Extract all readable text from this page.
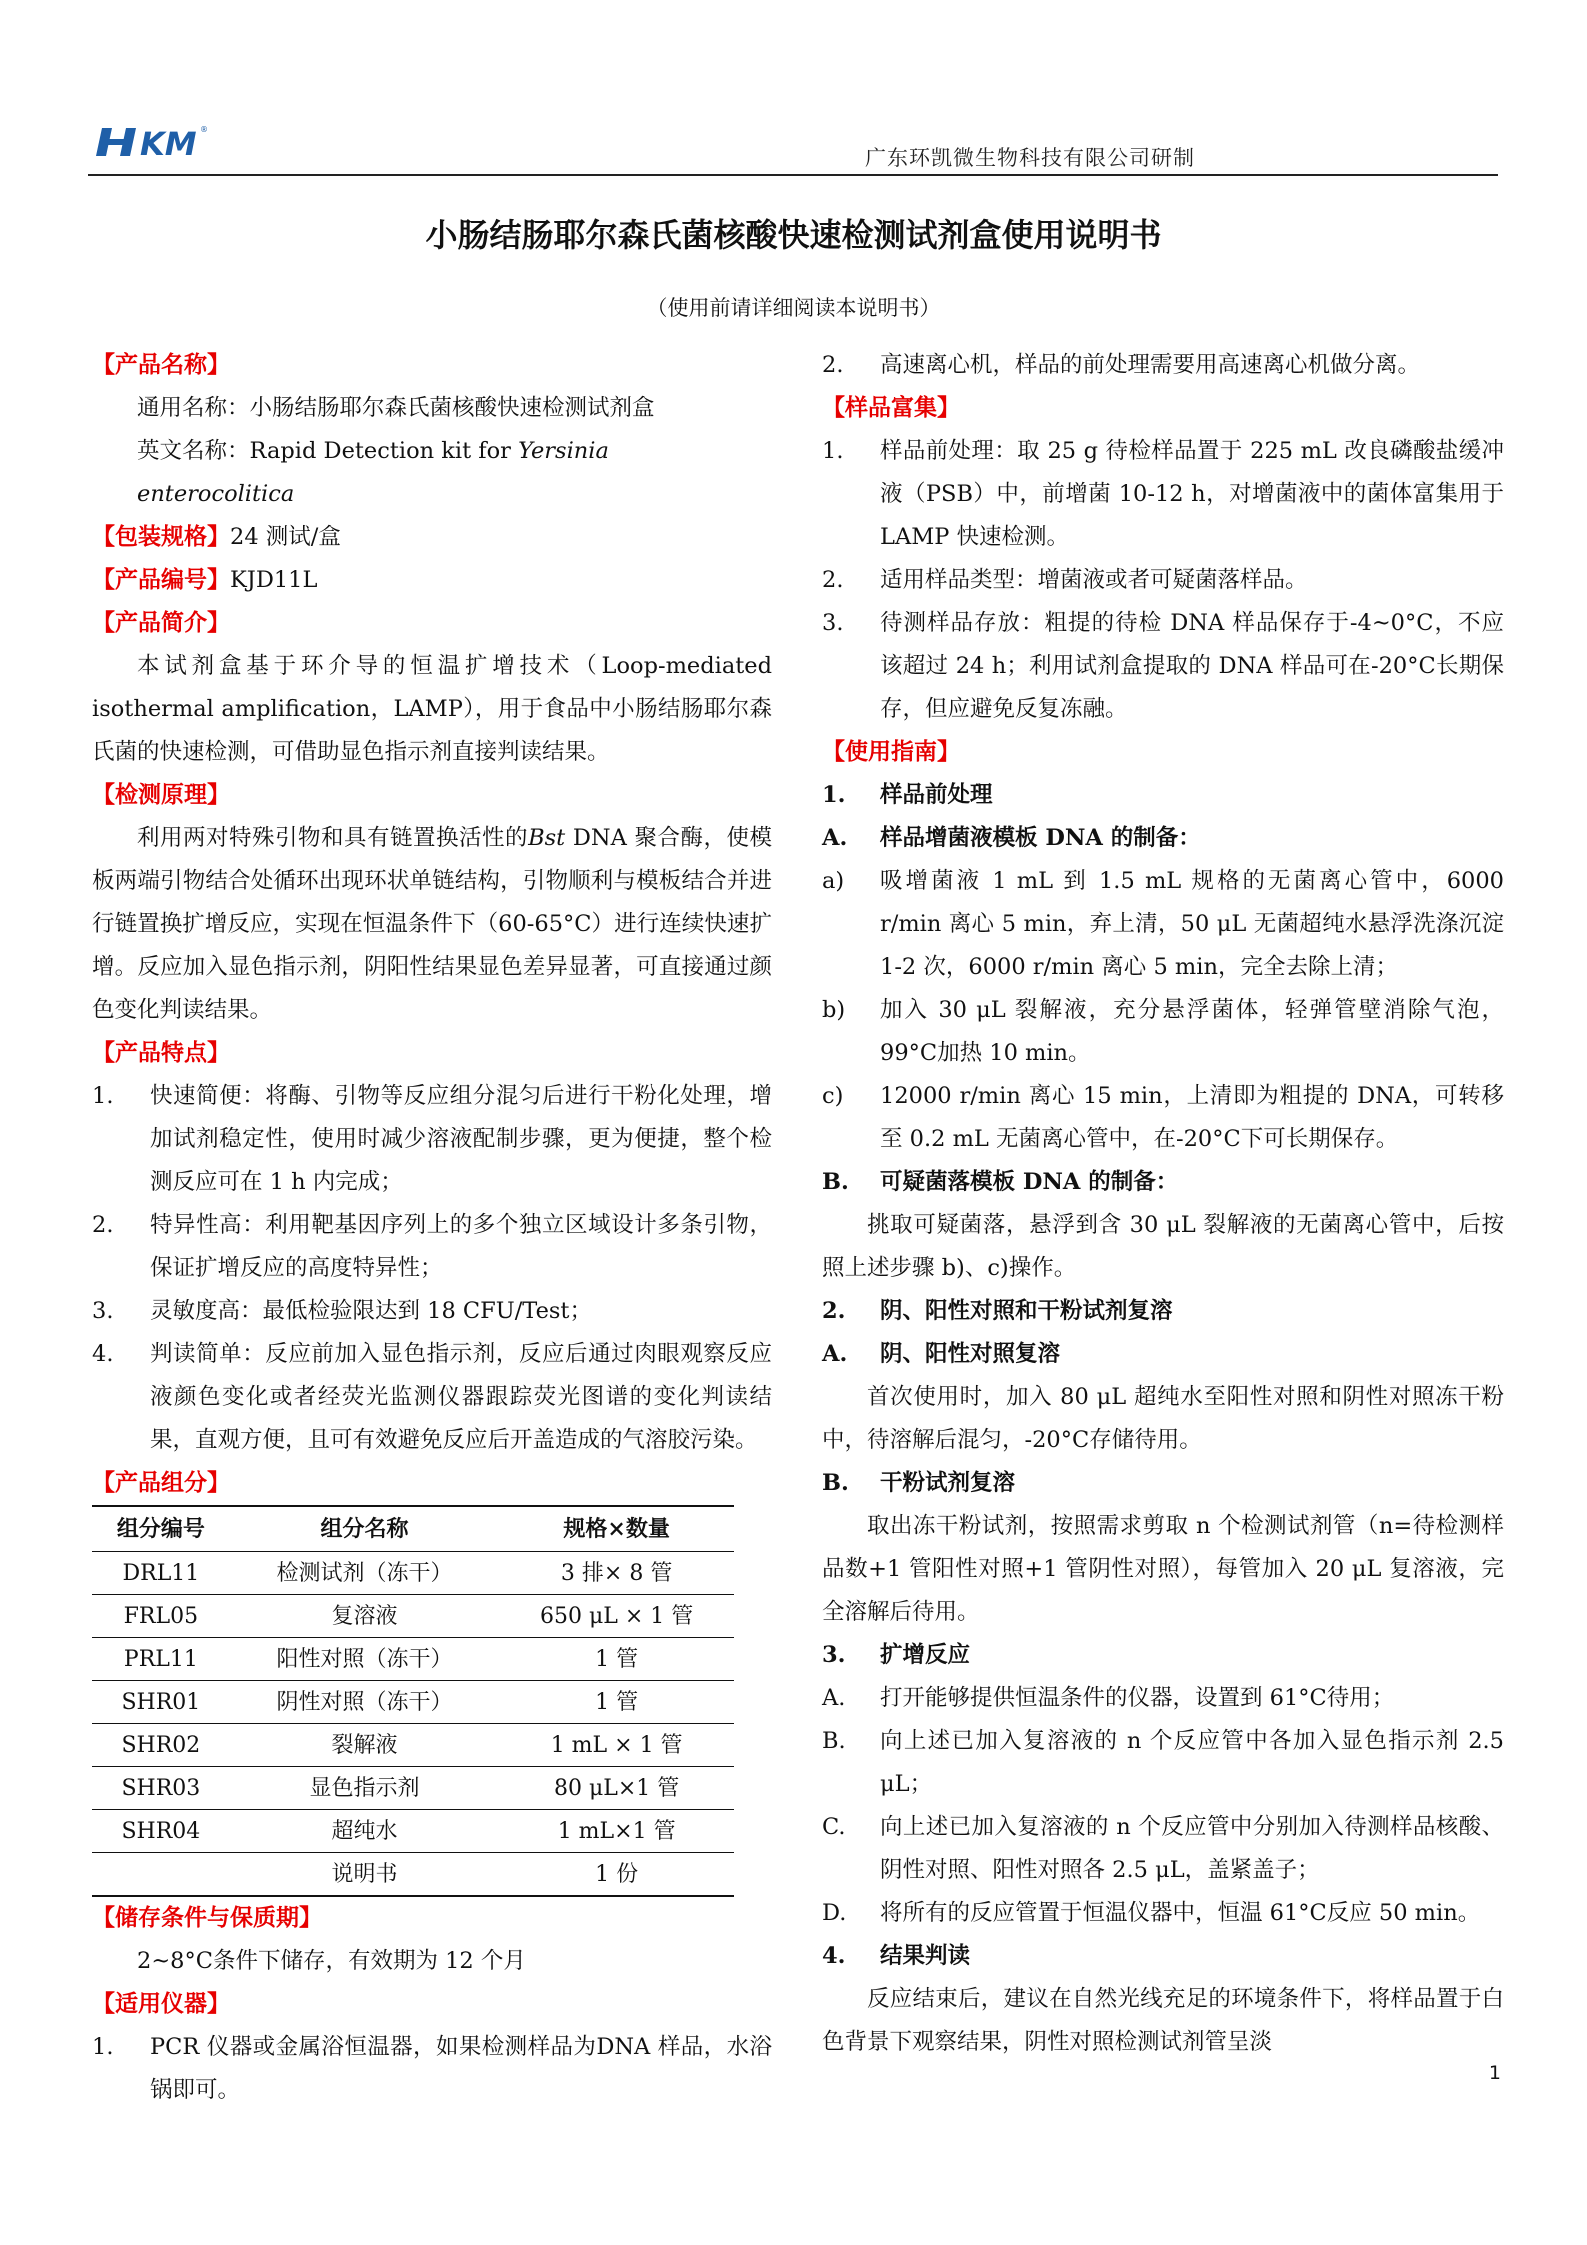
KM ®
广东环凯微生物科技有限公司研制
小肠结肠耶尔森氏菌核酸快速检测试剂盒使用说明书
（使用前请详细阅读本说明书）
【产品名称】
通用名称：小肠结肠耶尔森氏菌核酸快速检测试剂盒
英文名称：Rapid Detection kit for Yersinia enterocolitica
【包装规格】24 测试/盒
【产品编号】KJD11L
【产品简介】
本试剂盒基于环介导的恒温扩增技术（Loop-mediated isothermal amplification，LAMP），用于食品中小肠结肠耶尔森氏菌的快速检测，可借助显色指示剂直接判读结果。
【检测原理】
利用两对特殊引物和具有链置换活性的Bst DNA 聚合酶，使模板两端引物结合处循环出现环状单链结构，引物顺利与模板结合并进行链置换扩增反应，实现在恒温条件下（60-65°C）进行连续快速扩增。反应加入显色指示剂，阴阳性结果显色差异显著，可直接通过颜色变化判读结果。
【产品特点】
1.	快速简便：将酶、引物等反应组分混匀后进行干粉化处理，增加试剂稳定性，使用时减少溶液配制步骤，更为便捷，整个检测反应可在 1 h 内完成；
2.	特异性高：利用靶基因序列上的多个独立区域设计多条引物，保证扩增反应的高度特异性；
3.	灵敏度高：最低检验限达到 18 CFU/Test；
4.	判读简单：反应前加入显色指示剂，反应后通过肉眼观察反应液颜色变化或者经荧光监测仪器跟踪荧光图谱的变化判读结果，直观方便，且可有效避免反应后开盖造成的气溶胶污染。
【产品组分】
组分编号	组分名称	规格×数量
DRL11	检测试剂（冻干）	3 排× 8 管
FRL05	复溶液	650 μL × 1 管
PRL11	阳性对照（冻干）	1 管
SHR01	阴性对照（冻干）	1 管
SHR02	裂解液	1 mL × 1 管
SHR03	显色指示剂	80 μL×1 管
SHR04	超纯水	1 mL×1 管
	说明书	1 份
【储存条件与保质期】
2~8°C条件下储存，有效期为 12 个月
【适用仪器】
1.	PCR 仪器或金属浴恒温器，如果检测样品为DNA 样品，水浴锅即可。
2.	高速离心机，样品的前处理需要用高速离心机做分离。
【样品富集】
1.	样品前处理：取 25 g 待检样品置于 225 mL 改良磷酸盐缓冲液（PSB）中，前增菌 10-12 h，对增菌液中的菌体富集用于 LAMP 快速检测。
2.	适用样品类型：增菌液或者可疑菌落样品。
3.	待测样品存放：粗提的待检 DNA 样品保存于-4~0°C，不应该超过 24 h；利用试剂盒提取的 DNA 样品可在-20°C长期保存，但应避免反复冻融。
【使用指南】
1.	样品前处理
A.	样品增菌液模板 DNA 的制备：
a)	吸增菌液 1 mL 到 1.5 mL 规格的无菌离心管中，6000 r/min 离心 5 min，弃上清，50 μL 无菌超纯水悬浮洗涤沉淀 1-2 次，6000 r/min 离心 5 min，完全去除上清；
b)	加入 30 μL 裂解液，充分悬浮菌体，轻弹管壁消除气泡，99°C加热 10 min。
c)	12000 r/min 离心 15 min，上清即为粗提的 DNA，可转移至 0.2 mL 无菌离心管中，在-20°C下可长期保存。
B.	可疑菌落模板 DNA 的制备：
挑取可疑菌落，悬浮到含 30 μL 裂解液的无菌离心管中，后按照上述步骤 b)、c)操作。
2.	阴、阳性对照和干粉试剂复溶
A.	阴、阳性对照复溶
首次使用时，加入 80 μL 超纯水至阳性对照和阴性对照冻干粉中，待溶解后混匀，-20°C存储待用。
B.	干粉试剂复溶
取出冻干粉试剂，按照需求剪取 n 个检测试剂管（n=待检测样品数+1 管阳性对照+1 管阴性对照），每管加入 20 μL 复溶液，完全溶解后待用。
3.	扩增反应
A.	打开能够提供恒温条件的仪器，设置到 61°C待用；
B.	向上述已加入复溶液的 n 个反应管中各加入显色指示剂 2.5 μL；
C.	向上述已加入复溶液的 n 个反应管中分别加入待测样品核酸、阴性对照、阳性对照各 2.5 μL，盖紧盖子；
D.	将所有的反应管置于恒温仪器中，恒温 61°C反应 50 min。
4.	结果判读
反应结束后，建议在自然光线充足的环境条件下，将样品置于白色背景下观察结果，阴性对照检测试剂管呈淡
1
